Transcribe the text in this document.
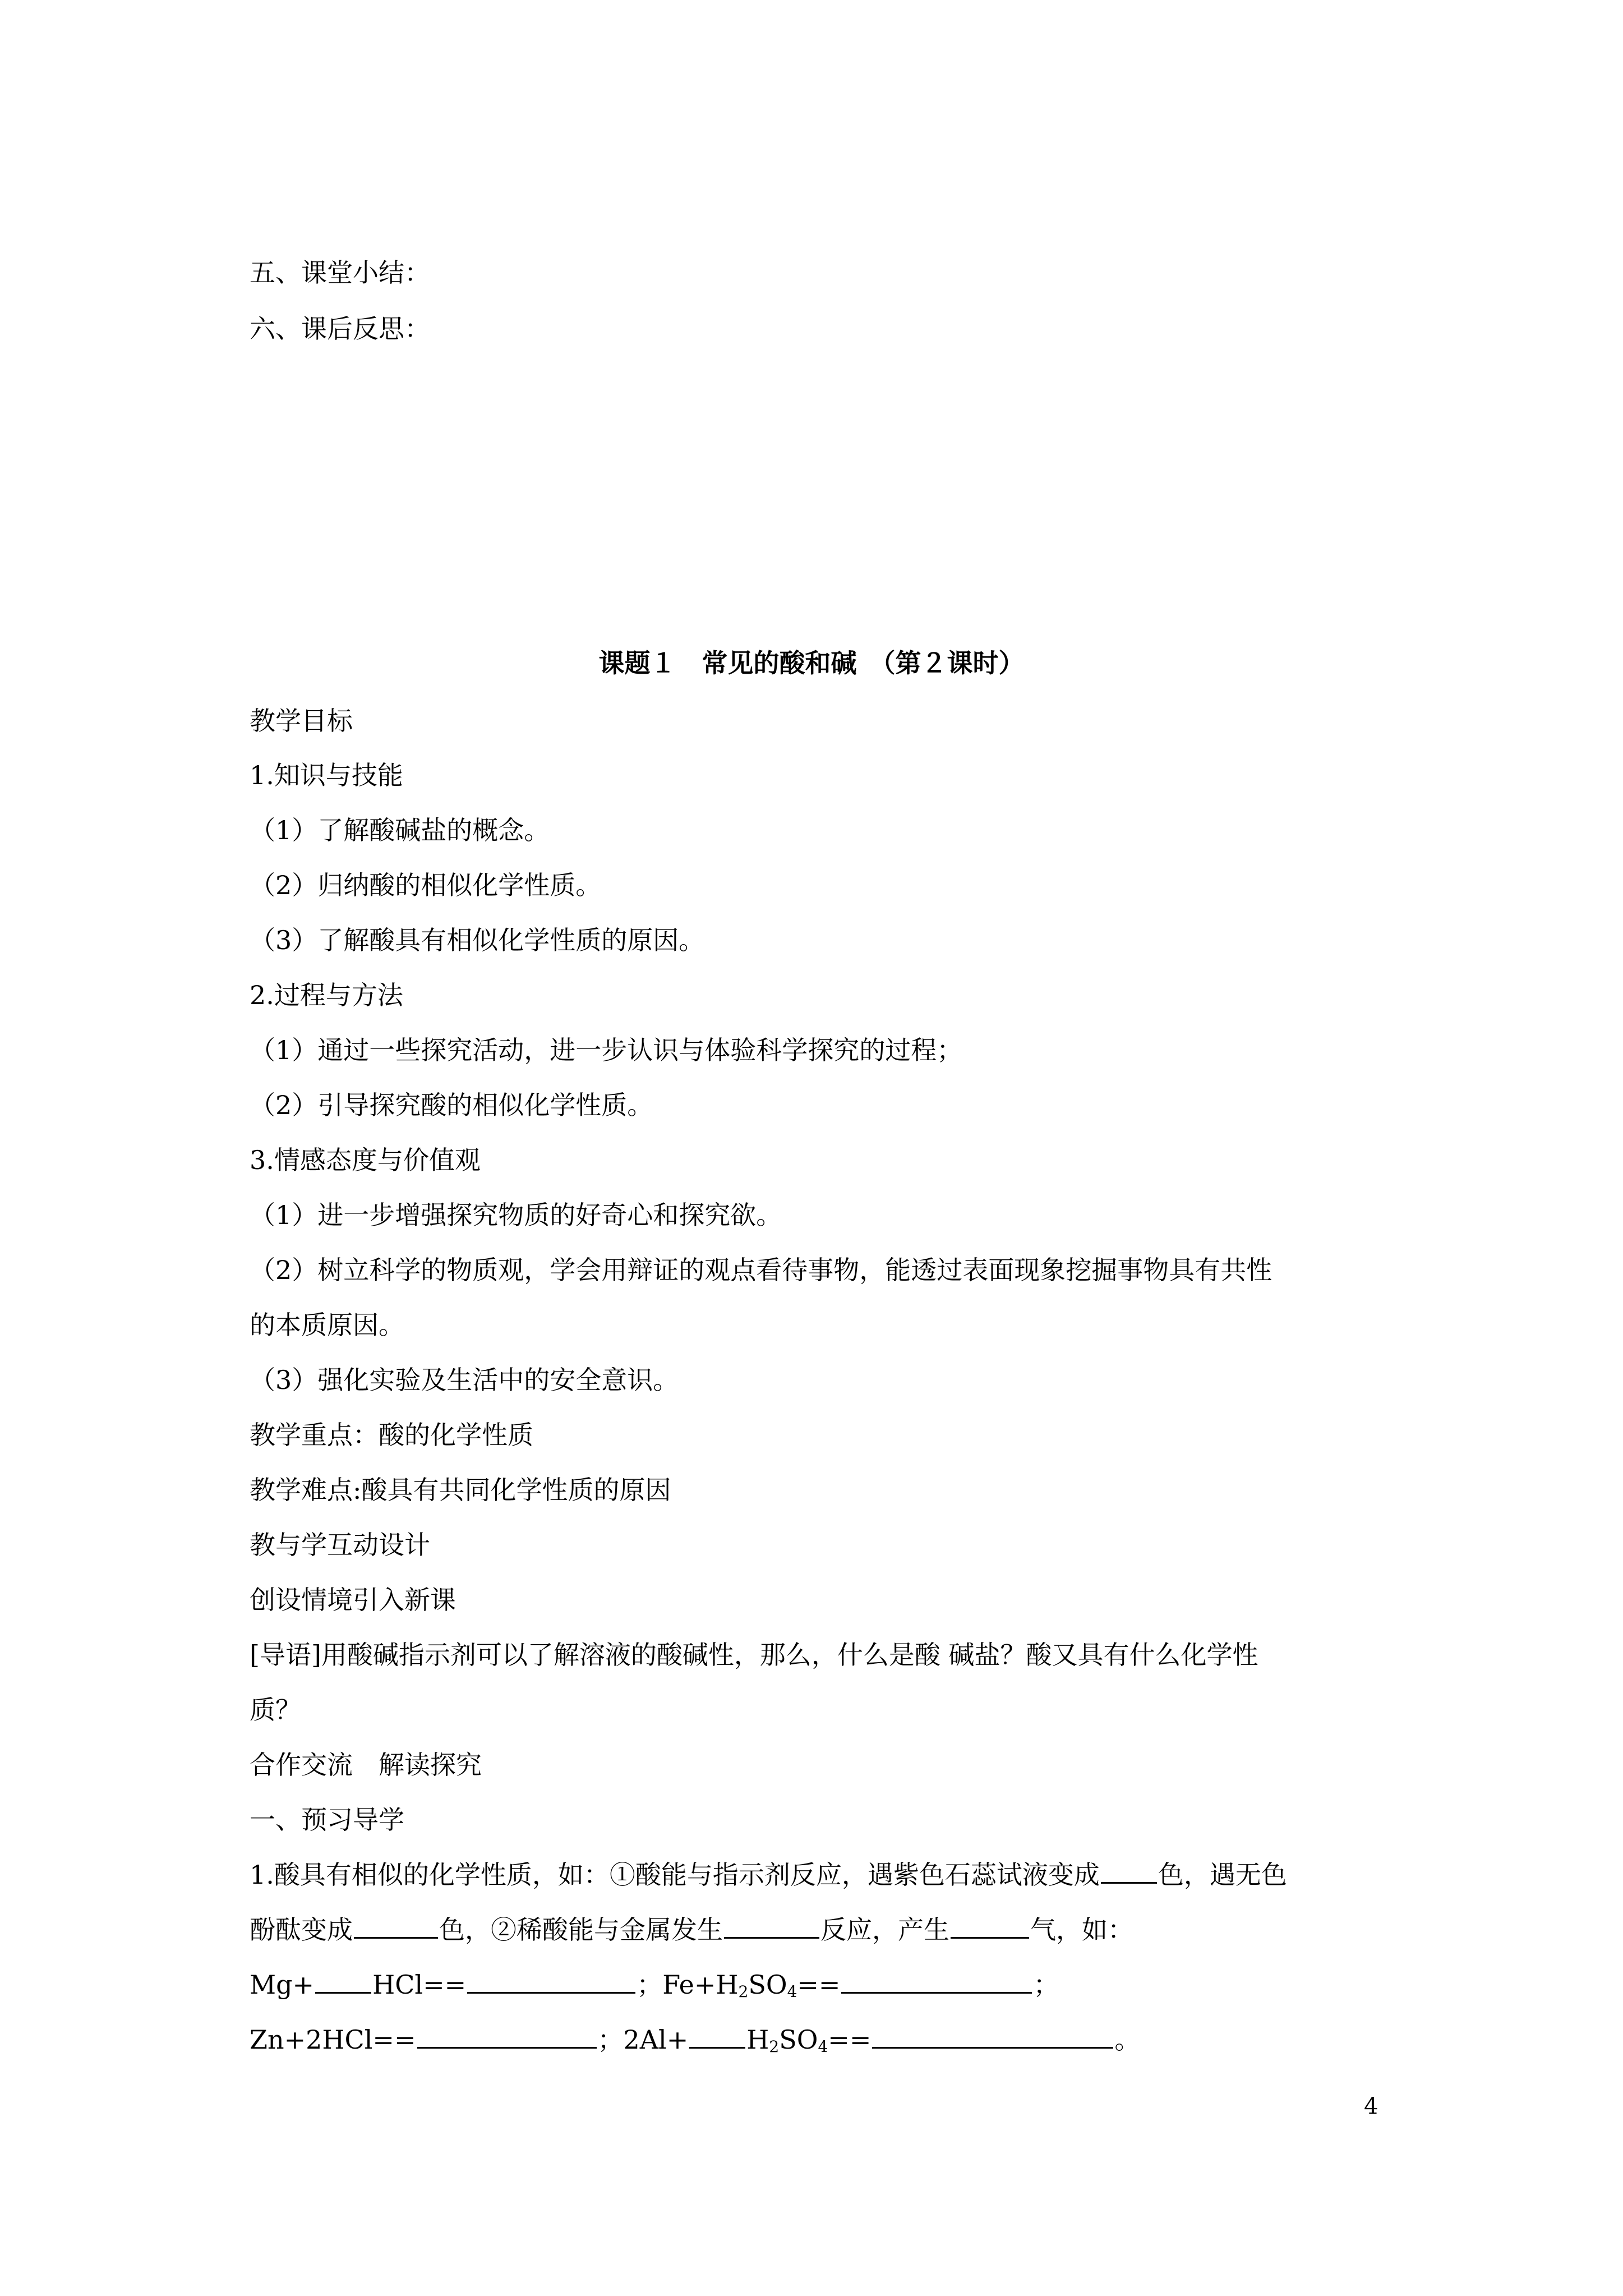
五、课堂小结：
六、课后反思：
课题１　常见的酸和碱　（第２课时）
教学目标
1.知识与技能
（1）了解酸碱盐的概念。
（2）归纳酸的相似化学性质。
（3）了解酸具有相似化学性质的原因。
2.过程与方法
（1）通过一些探究活动，进一步认识与体验科学探究的过程；
（2）引导探究酸的相似化学性质。
3.情感态度与价值观
（1）进一步增强探究物质的好奇心和探究欲。
（2）树立科学的物质观，学会用辩证的观点看待事物，能透过表面现象挖掘事物具有共性
的本质原因。
（3）强化实验及生活中的安全意识。
教学重点：酸的化学性质
教学难点:酸具有共同化学性质的原因
教与学互动设计
创设情境引入新课
[导语]用酸碱指示剂可以了解溶液的酸碱性，那么，什么是酸 碱盐？酸又具有什么化学性
质？
合作交流　解读探究
一、预习导学
1.酸具有相似的化学性质，如：①酸能与指示剂反应，遇紫色石蕊试液变成 色，遇无色
酚酞变成	色，②稀酸能与金属发生	反应，产生	气，如：
Mg+ HCl==	；$Fe+H_2SO_4==$	；
Zn+2HCl==	；$2Al+ H_2SO_4==$	。
4
